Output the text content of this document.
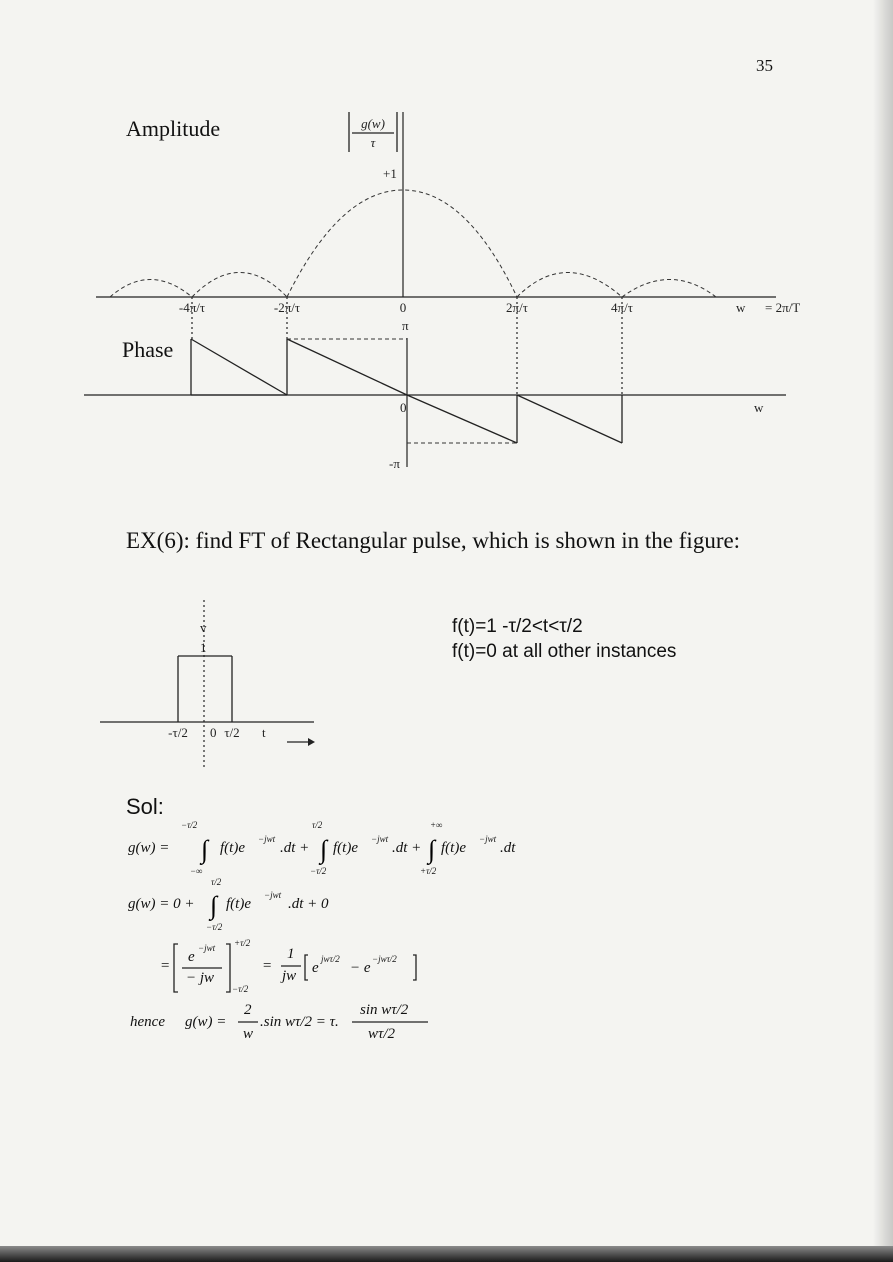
35
Amplitude
Phase
g(w)
τ
+1
-4π/τ	-2π/τ	0	2π/τ	4π/τ	w = 2π/T
π
0
-π
w
v
1
-τ/2 0 τ/2 t
∫	∫	∫
∫
EX(6): find FT of Rectangular pulse, which is shown in the figure:
f(t)=1 -τ/2<t<τ/2
f(t)=0 at all other instances
Sol:
g(w) =
−τ/2
−∞
f(t)e
−jwt
.dt +
τ/2
−τ/2
f(t)e
−jwt
.dt +
+∞
+τ/2
f(t)e
−jwt
.dt
g(w) = 0 +
τ/2
−τ/2
f(t)e
−jwt
.dt + 0
=
e
−jwt
− jw
+τ/2
−τ/2
=
1
jw e
jwτ/2
− e
−jwτ/2
hence g(w) =
2
w
.sin wτ/2 = τ.
sin wτ/2
wτ/2
